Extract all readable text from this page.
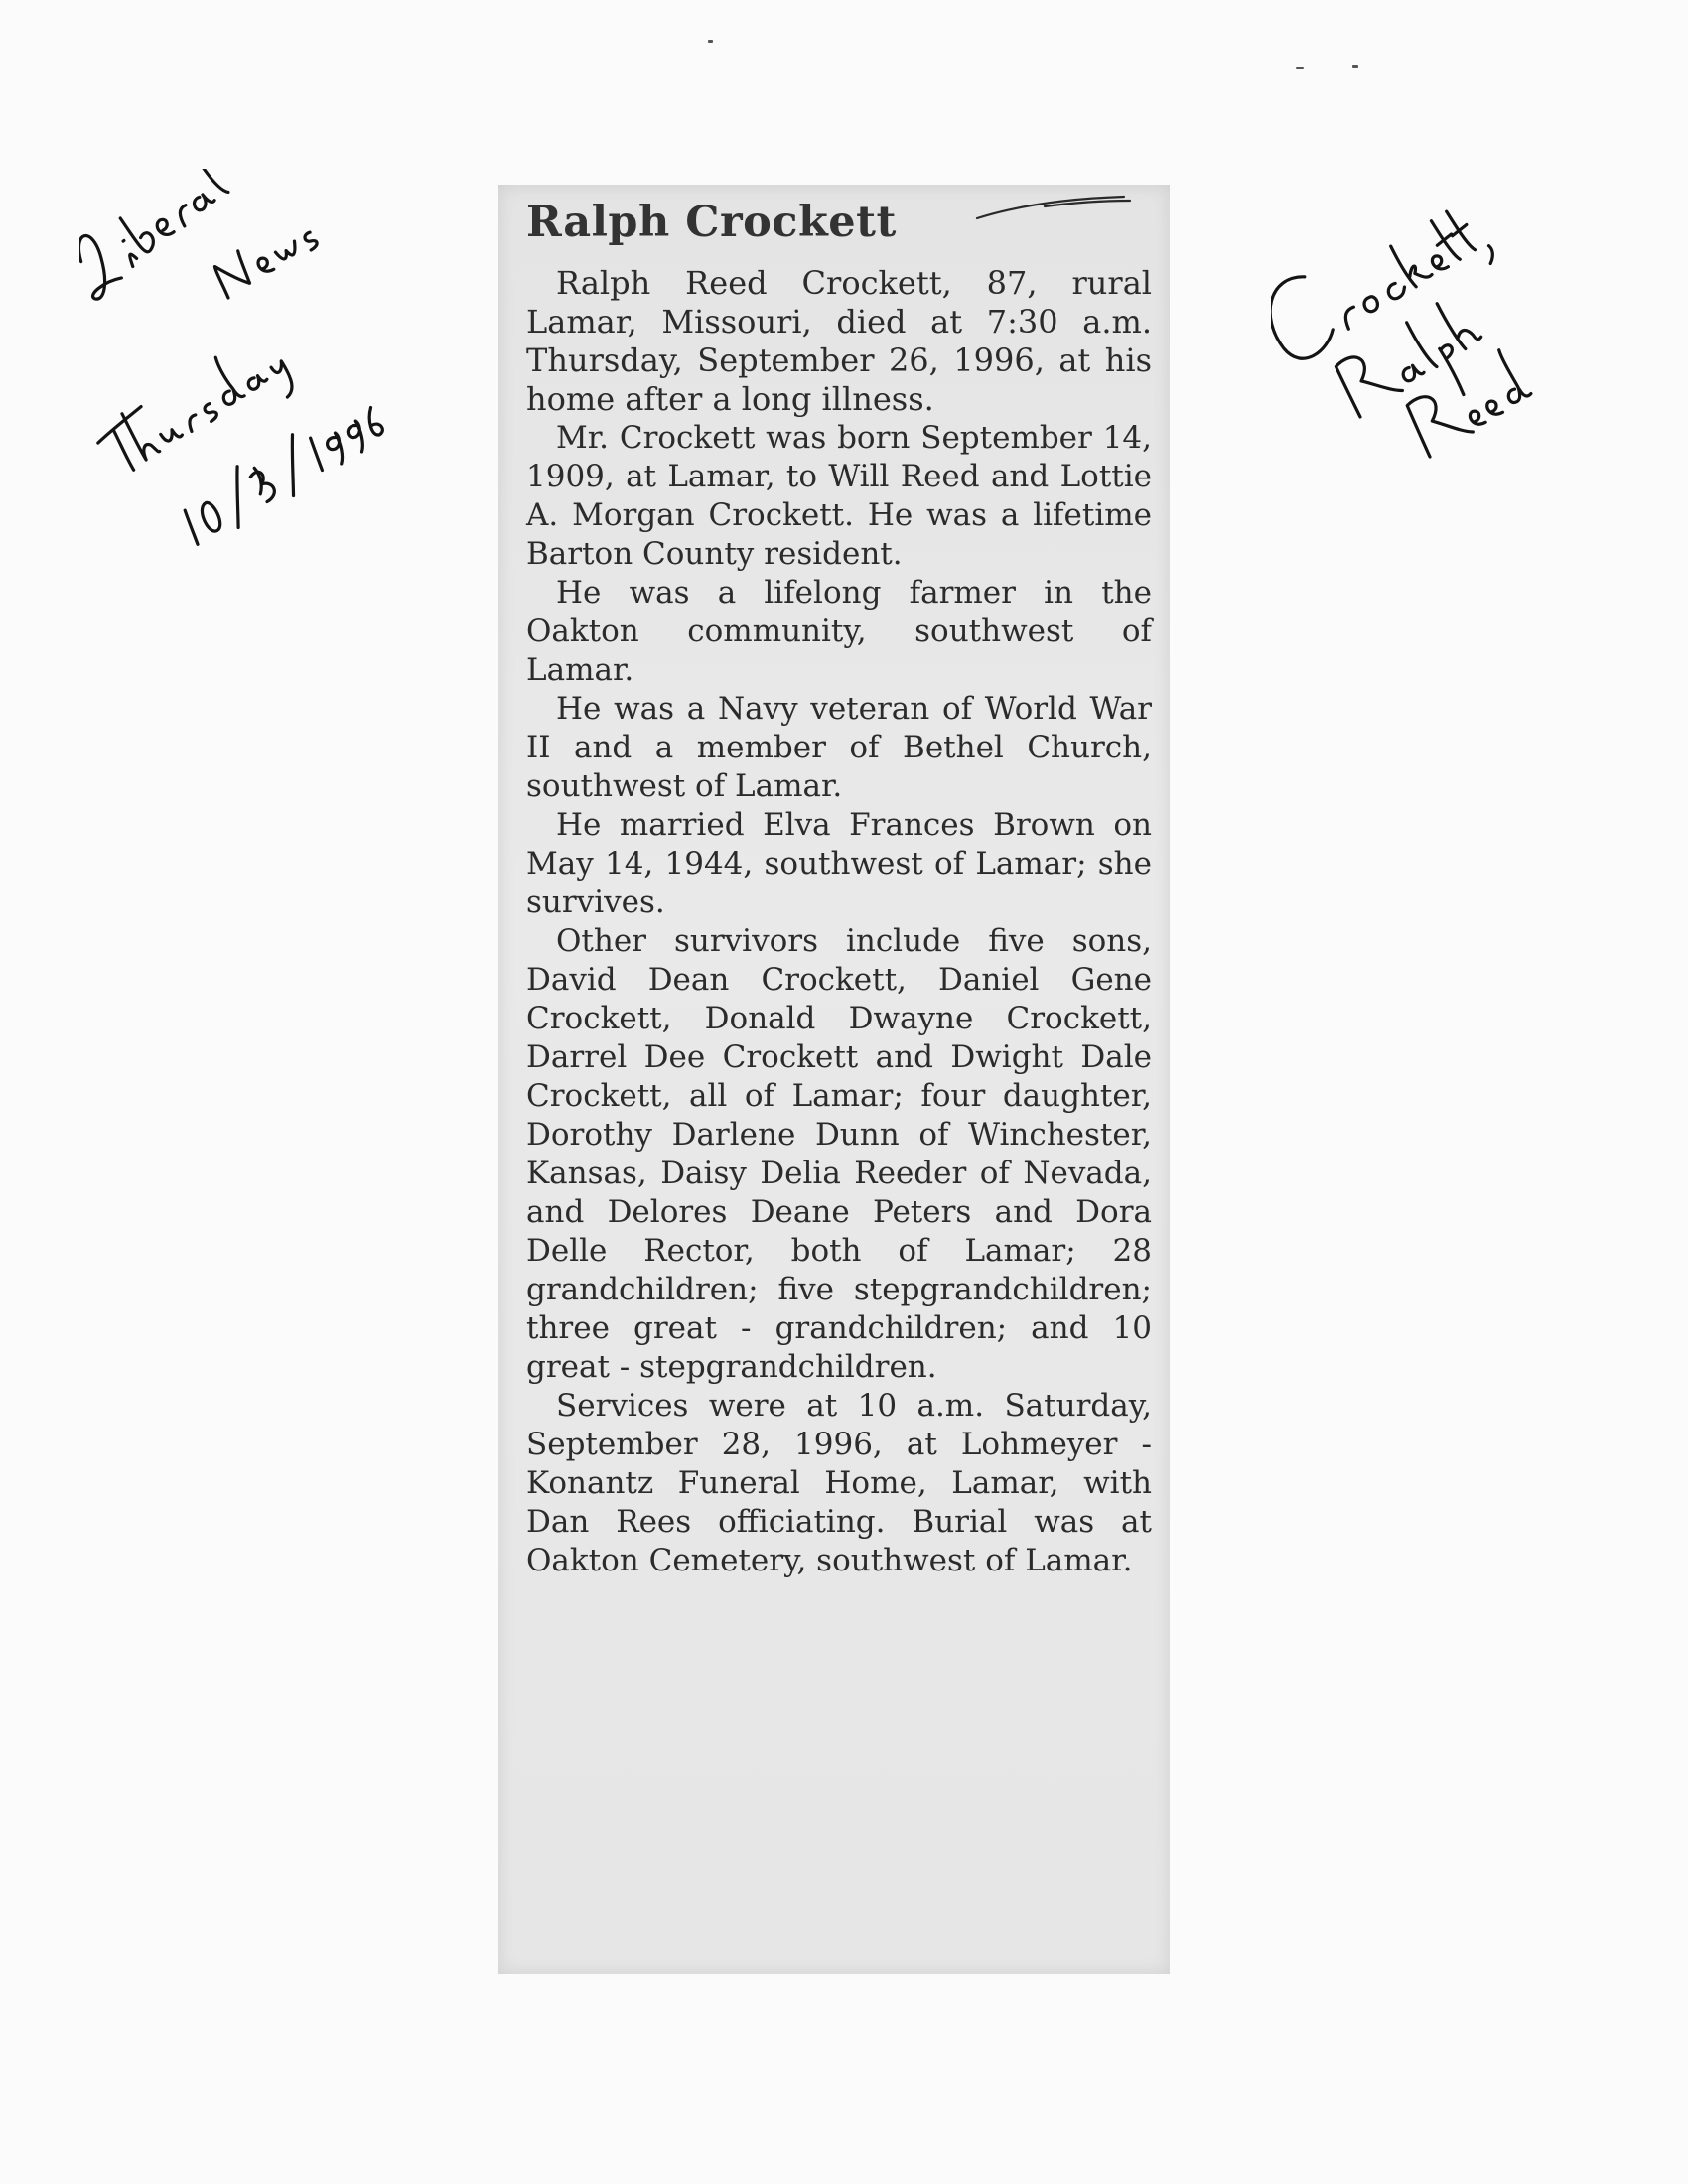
Ralph Crockett

Ralph Reed Crockett, 87, rural Lamar, Missouri, died at 7:30 a.m. Thursday, September 26, 1996, at his home after a long illness.

Mr. Crockett was born September 14, 1909, at Lamar, to Will Reed and Lottie A. Morgan Crockett. He was a lifetime Barton County resident.

He was a lifelong farmer in the Oakton community, southwest of Lamar.

He was a Navy veteran of World War II and a member of Bethel Church, southwest of Lamar.

He married Elva Frances Brown on May 14, 1944, southwest of Lamar; she survives.

Other survivors include five sons, David Dean Crockett, Daniel Gene Crockett, Donald Dwayne Crockett, Darrel Dee Crockett and Dwight Dale Crockett, all of Lamar; four daughter, Dorothy Darlene Dunn of Winchester, Kansas, Daisy Delia Reeder of Nevada, and Delores Deane Peters and Dora Delle Rector, both of Lamar; 28 grandchildren; five stepgrandchildren; three great - grandchildren; and 10 great - stepgrandchildren.

Services were at 10 a.m. Saturday, September 28, 1996, at Lohmeyer - Konantz Funeral Home, Lamar, with Dan Rees officiating. Burial was at Oakton Cemetery, southwest of Lamar.
